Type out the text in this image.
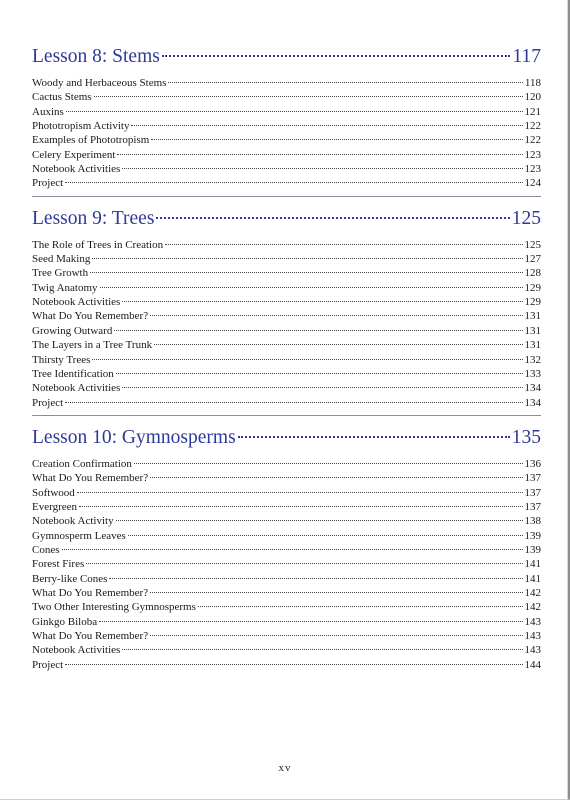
Lesson 8: Stems	117
Woody and Herbaceous Stems	118
Cactus Stems	120
Auxins	121
Phototropism Activity	122
Examples of Phototropism	122
Celery Experiment	123
Notebook Activities	123
Project	124
Lesson 9: Trees	125
The Role of Trees in Creation	125
Seed Making	127
Tree Growth	128
Twig Anatomy	129
Notebook Activities	129
What Do You Remember?	131
Growing Outward	131
The Layers in a Tree Trunk	131
Thirsty Trees	132
Tree Identification	133
Notebook Activities	134
Project	134
Lesson 10: Gymnosperms	135
Creation Confirmation	136
What Do You Remember?	137
Softwood	137
Evergreen	137
Notebook Activity	138
Gymnosperm Leaves	139
Cones	139
Forest Fires	141
Berry-like Cones	141
What Do You Remember?	142
Two Other Interesting Gymnosperms	142
Ginkgo Biloba	143
What Do You Remember?	143
Notebook Activities	143
Project	144
xv
